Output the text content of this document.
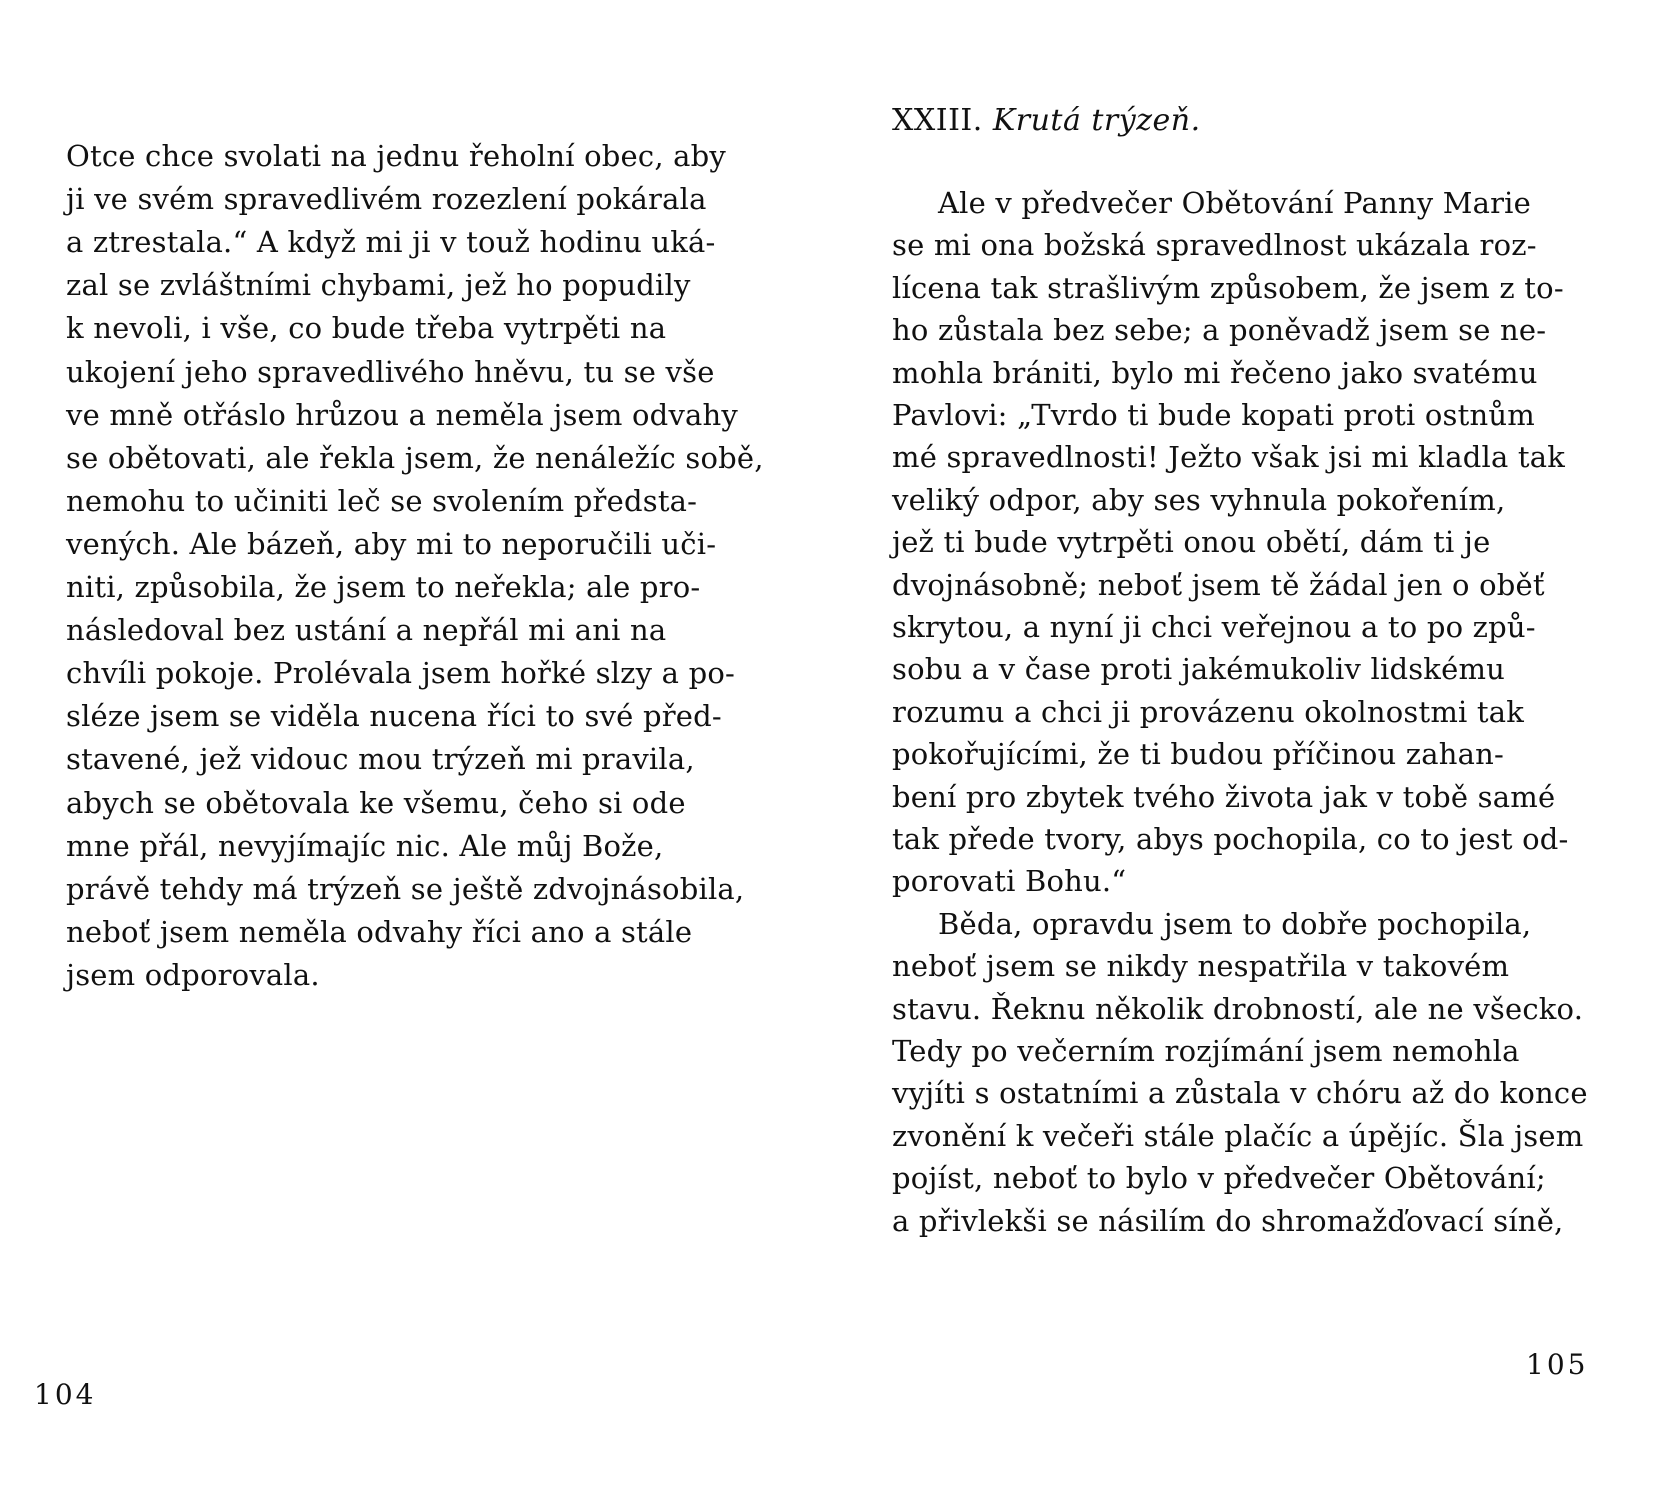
Otce chce svolati na jednu řeholní obec, aby
ji ve svém spravedlivém rozezlení pokárala
a ztrestala.“ A když mi ji v touž hodinu uká-
zal se zvláštními chybami, jež ho popudily
k nevoli, i vše, co bude třeba vytrpěti na
ukojení jeho spravedlivého hněvu, tu se vše
ve mně otřáslo hrůzou a neměla jsem odvahy
se obětovati, ale řekla jsem, že nenáležíc sobě,
nemohu to učiniti leč se svolením předsta-
vených. Ale bázeň, aby mi to neporučili uči-
niti, způsobila, že jsem to neřekla; ale pro-
následoval bez ustání a nepřál mi ani na
chvíli pokoje. Prolévala jsem hořké slzy a po-
sléze jsem se viděla nucena říci to své před-
stavené, jež vidouc mou trýzeň mi pravila,
abych se obětovala ke všemu, čeho si ode
mne přál, nevyjímajíc nic. Ale můj Bože,
právě tehdy má trýzeň se ještě zdvojnásobila,
neboť jsem neměla odvahy říci ano a stále
jsem odporovala.
XXIII. Krutá trýzeň.
Ale v předvečer Obětování Panny Marie
se mi ona božská spravedlnost ukázala roz-
lícena tak strašlivým způsobem, že jsem z to-
ho zůstala bez sebe; a poněvadž jsem se ne-
mohla brániti, bylo mi řečeno jako svatému
Pavlovi: „Tvrdo ti bude kopati proti ostnům
mé spravedlnosti! Ježto však jsi mi kladla tak
veliký odpor, aby ses vyhnula pokořením,
jež ti bude vytrpěti onou obětí, dám ti je
dvojnásobně; neboť jsem tě žádal jen o oběť
skrytou, a nyní ji chci veřejnou a to po způ-
sobu a v čase proti jakémukoliv lidskému
rozumu a chci ji provázenu okolnostmi tak
pokořujícími, že ti budou příčinou zahan-
bení pro zbytek tvého života jak v tobě samé
tak přede tvory, abys pochopila, co to jest od-
porovati Bohu.“
Běda, opravdu jsem to dobře pochopila,
neboť jsem se nikdy nespatřila v takovém
stavu. Řeknu několik drobností, ale ne všecko.
Tedy po večerním rozjímání jsem nemohla
vyjíti s ostatními a zůstala v chóru až do konce
zvonění k večeři stále plačíc a úpějíc. Šla jsem
pojíst, neboť to bylo v předvečer Obětování;
a přivlekši se násilím do shromažďovací síně,
104
105
